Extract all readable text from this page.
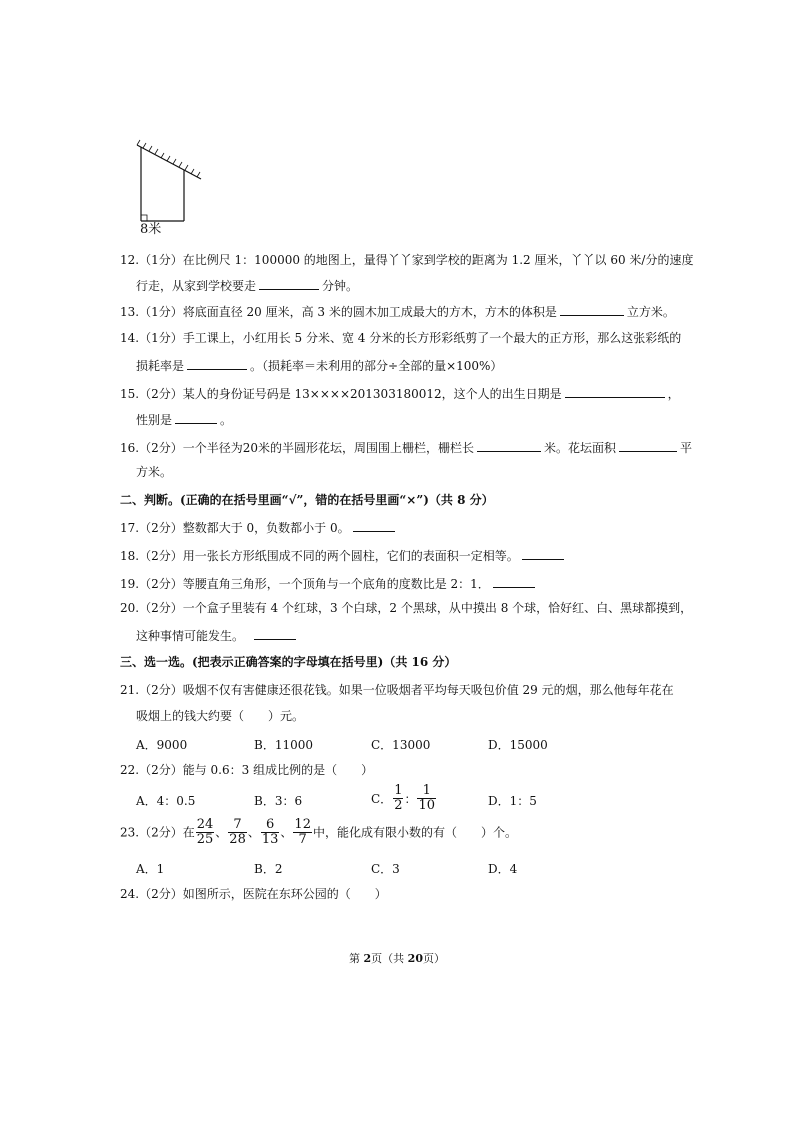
8米
12.（1分）在比例尺 1：100000 的地图上，量得丫丫家到学校的距离为 1.2 厘米，丫丫以 60 米/分的速度
行走，从家到学校要走	分钟。
13.（1分）将底面直径 20 厘米，高 3 米的圆木加工成最大的方木，方木的体积是	立方米。
14.（1分）手工课上，小红用长 5 分米、宽 4 分米的长方形彩纸剪了一个最大的正方形，那么这张彩纸的
损耗率是	。（损耗率＝未利用的部分÷全部的量×100%）
15.（2分）某人的身份证号码是 13××××201303180012，这个人的出生日期是	，
性别是	。
16.（2分）一个半径为20米的半圆形花坛，周围围上栅栏，栅栏长	米。花坛面积	平
方米。
二、判断。(正确的在括号里画“√”，错的在括号里画“×”)（共 8 分）
17.（2分）整数都大于 0，负数都小于 0。
18.（2分）用一张长方形纸围成不同的两个圆柱，它们的表面积一定相等。
19.（2分）等腰直角三角形，一个顶角与一个底角的度数比是 2：1．
20.（2分）一个盒子里装有 4 个红球，3 个白球，2 个黑球，从中摸出 8 个球，恰好红、白、黑球都摸到，
这种事情可能发生。
三、选一选。(把表示正确答案的字母填在括号里)（共 16 分）
21.（2分）吸烟不仅有害健康还很花钱。如果一位吸烟者平均每天吸包价值 29 元的烟，那么他每年花在
吸烟上的钱大约要（　　）元。
A．9000	B．11000	C．13000	D．15000
22.（2分）能与 0.6：3 组成比例的是（　　）
A．4：0.5	B．3：6	C． $\frac{1}{2}$ ： $\frac{1}{10}$	D．1：5
23.（2分）在 $\frac{24}{25}$ 、 $\frac{7}{28}$ 、 $\frac{6}{13}$ 、 $\frac{12}{7}$ 中，能化成有限小数的有（　　）个。
A．1	B．2	C．3	D．4
24.（2分）如图所示，医院在东环公园的（　　）
第 2页（共 20页）
